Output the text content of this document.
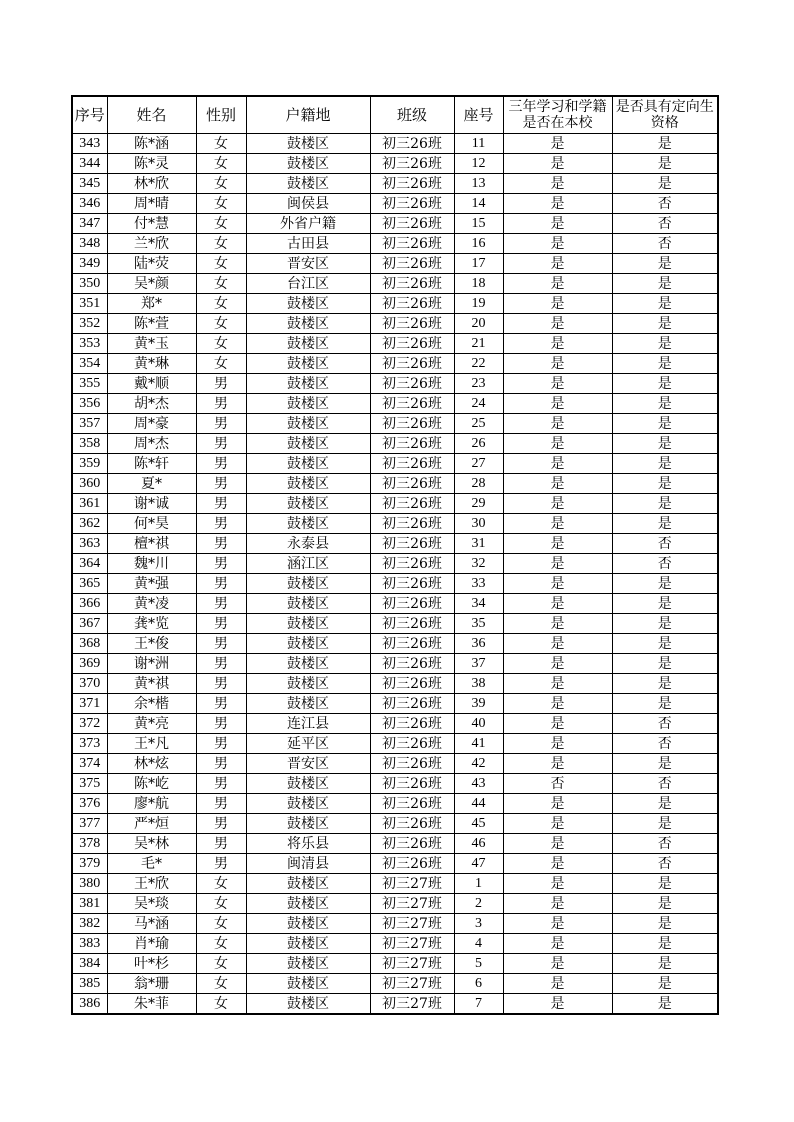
序号	姓名	性别	户籍地	班级	座号	三年学习和学籍是否在本校	是否具有定向生资格
343	陈*涵	女	鼓楼区	初三26班	11	是	是
344	陈*灵	女	鼓楼区	初三26班	12	是	是
345	林*欣	女	鼓楼区	初三26班	13	是	是
346	周*晴	女	闽侯县	初三26班	14	是	否
347	付*慧	女	外省户籍	初三26班	15	是	否
348	兰*欣	女	古田县	初三26班	16	是	否
349	陆*荧	女	晋安区	初三26班	17	是	是
350	吴*颜	女	台江区	初三26班	18	是	是
351	郑*	女	鼓楼区	初三26班	19	是	是
352	陈*萱	女	鼓楼区	初三26班	20	是	是
353	黄*玉	女	鼓楼区	初三26班	21	是	是
354	黄*琳	女	鼓楼区	初三26班	22	是	是
355	戴*顺	男	鼓楼区	初三26班	23	是	是
356	胡*杰	男	鼓楼区	初三26班	24	是	是
357	周*豪	男	鼓楼区	初三26班	25	是	是
358	周*杰	男	鼓楼区	初三26班	26	是	是
359	陈*轩	男	鼓楼区	初三26班	27	是	是
360	夏*	男	鼓楼区	初三26班	28	是	是
361	谢*诚	男	鼓楼区	初三26班	29	是	是
362	何*昊	男	鼓楼区	初三26班	30	是	是
363	檀*祺	男	永泰县	初三26班	31	是	否
364	魏*川	男	涵江区	初三26班	32	是	否
365	黄*强	男	鼓楼区	初三26班	33	是	是
366	黄*凌	男	鼓楼区	初三26班	34	是	是
367	龚*览	男	鼓楼区	初三26班	35	是	是
368	王*俊	男	鼓楼区	初三26班	36	是	是
369	谢*洲	男	鼓楼区	初三26班	37	是	是
370	黄*祺	男	鼓楼区	初三26班	38	是	是
371	余*楷	男	鼓楼区	初三26班	39	是	是
372	黄*亮	男	连江县	初三26班	40	是	否
373	王*凡	男	延平区	初三26班	41	是	否
374	林*炫	男	晋安区	初三26班	42	是	是
375	陈*屹	男	鼓楼区	初三26班	43	否	否
376	廖*航	男	鼓楼区	初三26班	44	是	是
377	严*烜	男	鼓楼区	初三26班	45	是	是
378	吴*林	男	将乐县	初三26班	46	是	否
379	毛*	男	闽清县	初三26班	47	是	否
380	王*欣	女	鼓楼区	初三27班	1	是	是
381	吴*琰	女	鼓楼区	初三27班	2	是	是
382	马*涵	女	鼓楼区	初三27班	3	是	是
383	肖*瑜	女	鼓楼区	初三27班	4	是	是
384	叶*杉	女	鼓楼区	初三27班	5	是	是
385	翁*珊	女	鼓楼区	初三27班	6	是	是
386	朱*菲	女	鼓楼区	初三27班	7	是	是
